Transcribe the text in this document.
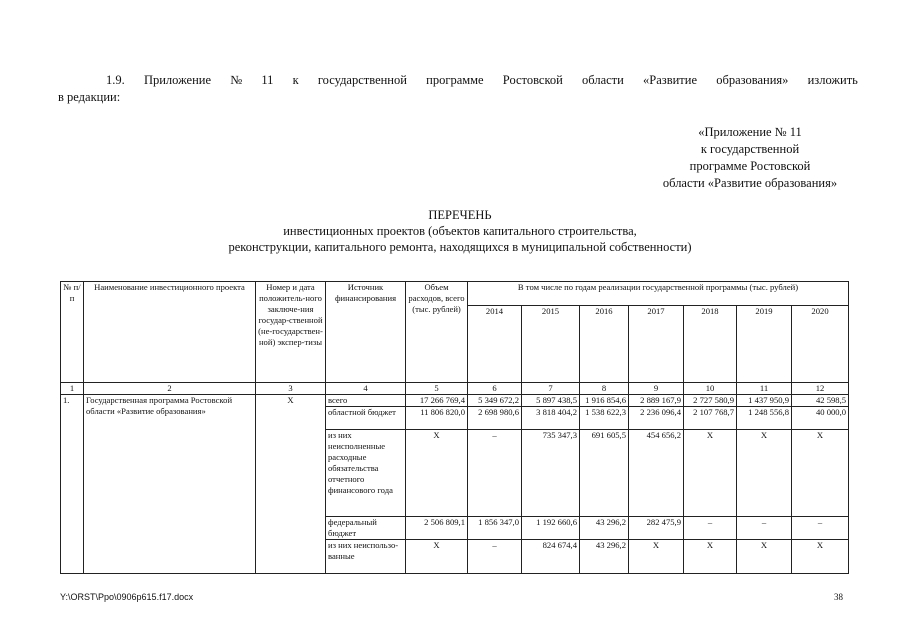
1.9. Приложение № 11 к государственной программе Ростовской области «Развитие образования» изложить
в редакции:
«Приложение № 11
к государственной
программе Ростовской
области «Развитие образования»
ПЕРЕЧЕНЬ
инвестиционных проектов (объектов капитального строительства,
реконструкции, капитального ремонта, находящихся в муниципальной собственности)
№ п/п	Наименование инвестиционного проекта	Номер и дата положитель-ного заключе-ния государ-ственной (не-государствен-ной) экспер-тизы	Источник финансирования	Объем расходов, всего (тыс. рублей)	В том числе по годам реализации государственной программы (тыс. рублей)						
					2014	2015	2016	2017	2018	2019	2020
1	2	3	4	5	6	7	8	9	10	11	12
1.	Государственная программа Ростовской области «Развитие образования»	Х	всего	17 266 769,4	5 349 672,2	5 897 438,5	1 916 854,6	2 889 167,9	2 727 580,9	1 437 950,9	42 598,5
			областной бюджет	11 806 820,0	2 698 980,6	3 818 404,2	1 538 622,3	2 236 096,4	2 107 768,7	1 248 556,8	40 000,0
			из них неисполненные расходные обязательства отчетного финансового года	Х	–	735 347,3	691 605,5	454 656,2	Х	Х	Х
			федеральный бюджет	2 506 809,1	1 856 347,0	1 192 660,6	43 296,2	282 475,9	–	–	–
			из них неиспользо-ванные	Х	–	824 674,4	43 296,2	Х	Х	Х	Х
Y:\ORST\Ppo\0906p615.f17.docx	38
